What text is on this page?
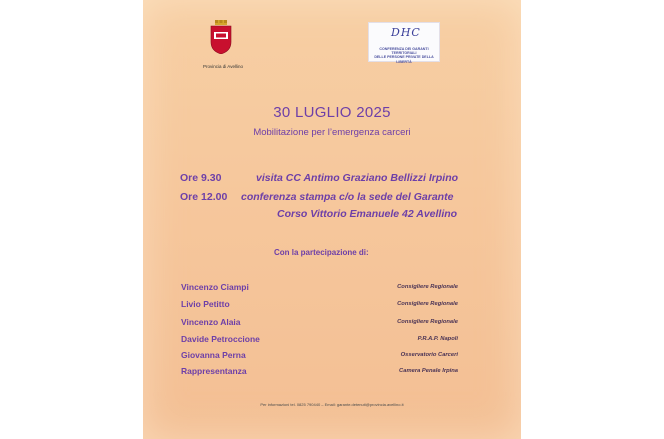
Provincia di Avellino
DHC
CONFERENZA DEI GARANTI TERRITORIALI
DELLE PERSONE PRIVATE DELLA LIBERTÀ
30 LUGLIO 2025
Mobilitazione per l’emergenza carceri
Ore 9.30	visita CC Antimo Graziano Bellizzi Irpino
Ore 12.00 conferenza stampa c/o la sede del Garante
Corso Vittorio Emanuele 42 Avellino
Con la partecipazione di:
Vincenzo Ciampi	Consigliere Regionale
Livio Petitto	Consigliere Regionale
Vincenzo Alaia	Consigliere Regionale
Davide Petroccione	P.R.A.P. Napoli
Giovanna Perna	Osservatorio Carceri
Rappresentanza	Camera Penale Irpina
Per informazioni tel. 0825 790440 – Email: garante.detenuti@provincia.avellino.it
